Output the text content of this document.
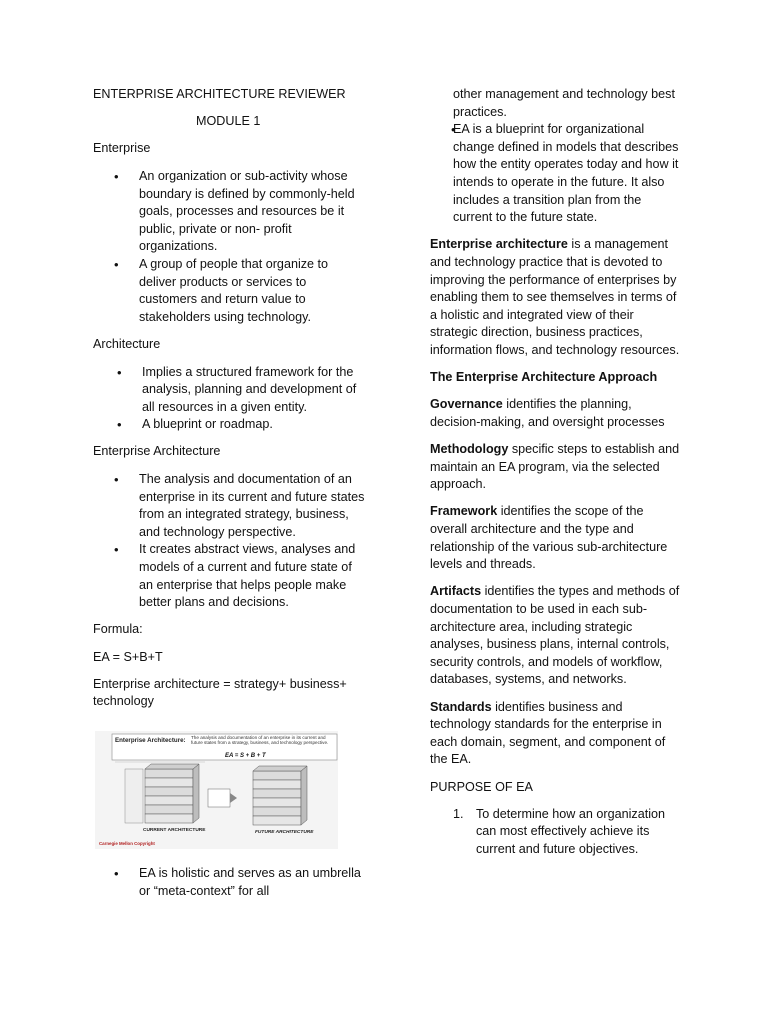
ENTERPRISE ARCHITECTURE REVIEWER

MODULE 1

Enterprise

• An organization or sub-activity whose boundary is defined by commonly-held goals, processes and resources be it public, private or non- profit organizations.
• A group of people that organize to deliver products or services to customers and return value to stakeholders using technology.

Architecture

• Implies a structured framework for the analysis, planning and development of all resources in a given entity.
• A blueprint or roadmap.

Enterprise Architecture

• The analysis and documentation of an enterprise in its current and future states from an integrated strategy, business, and technology perspective.
• It creates abstract views, analyses and models of a current and future state of an enterprise that helps people make better plans and decisions.

Formula:

EA = S+B+T

Enterprise architecture = strategy+ business+ technology

Enterprise Architecture: The analysis and documentation of an enterprise in its current and future states from a strategy, business, and technology perspective.
EA = S + B + T
CURRENT ARCHITECTURE	FUTURE ARCHITECTURE
Carnegie Mellon Copyright
• EA is holistic and serves as an umbrella or “meta-context” for all

other management and technology best practices.

• EA is a blueprint for organizational change defined in models that describes how the entity operates today and how it intends to operate in the future. It also includes a transition plan from the current to the future state.

Enterprise architecture is a management and technology practice that is devoted to improving the performance of enterprises by enabling them to see themselves in terms of a holistic and integrated view of their strategic direction, business practices, information flows, and technology resources.

The Enterprise Architecture Approach

Governance identifies the planning, decision-making, and oversight processes

Methodology specific steps to establish and maintain an EA program, via the selected approach.

Framework identifies the scope of the overall architecture and the type and relationship of the various sub-architecture levels and threads.

Artifacts identifies the types and methods of documentation to be used in each sub-architecture area, including strategic analyses, business plans, internal controls, security controls, and models of workflow, databases, systems, and networks.

Standards identifies business and technology standards for the enterprise in each domain, segment, and component of the EA.

PURPOSE OF EA

1. To determine how an organization can most effectively achieve its current and future objectives.
